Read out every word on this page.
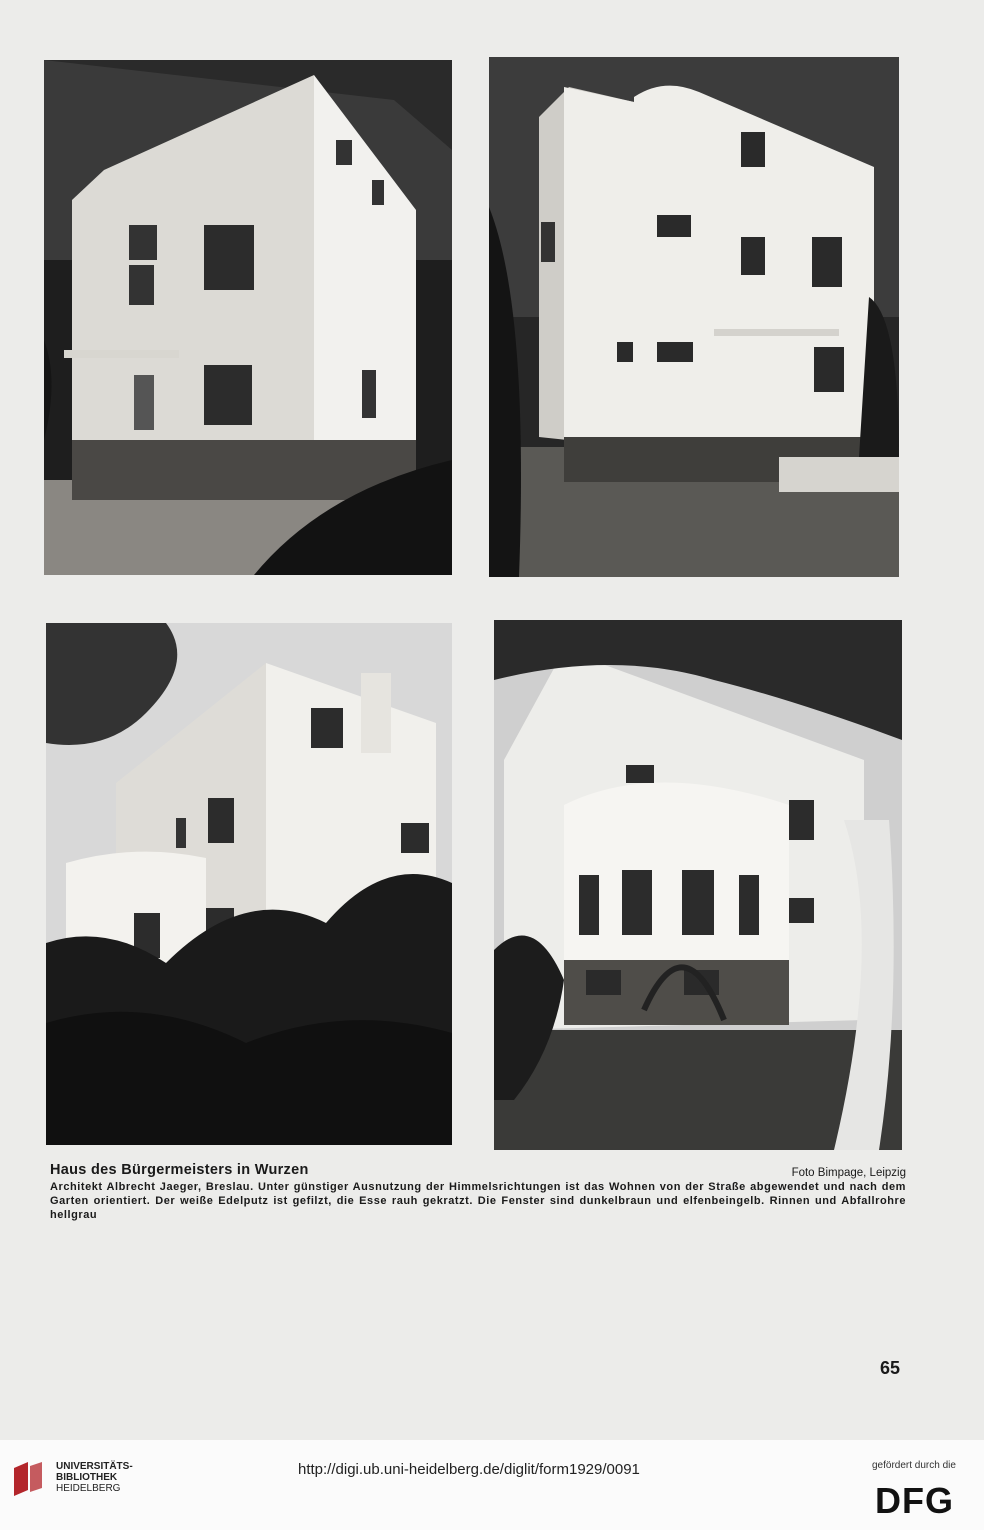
Haus des Bürgermeisters in Wurzen	Foto Bimpage, Leipzig
Architekt Albrecht Jaeger, Breslau. Unter günstiger Ausnutzung der Himmelsrichtungen ist das Wohnen von der Straße abgewendet und nach dem Garten orientiert. Der weiße Edelputz ist gefilzt, die Esse rauh gekratzt. Die Fenster sind dunkelbraun und elfenbeingelb. Rinnen und Abfallrohre hellgrau
65
UNIVERSITÄTS-
BIBLIOTHEK
HEIDELBERG
http://digi.ub.uni-heidelberg.de/diglit/form1929/0091	gefördert durch die
DFG
